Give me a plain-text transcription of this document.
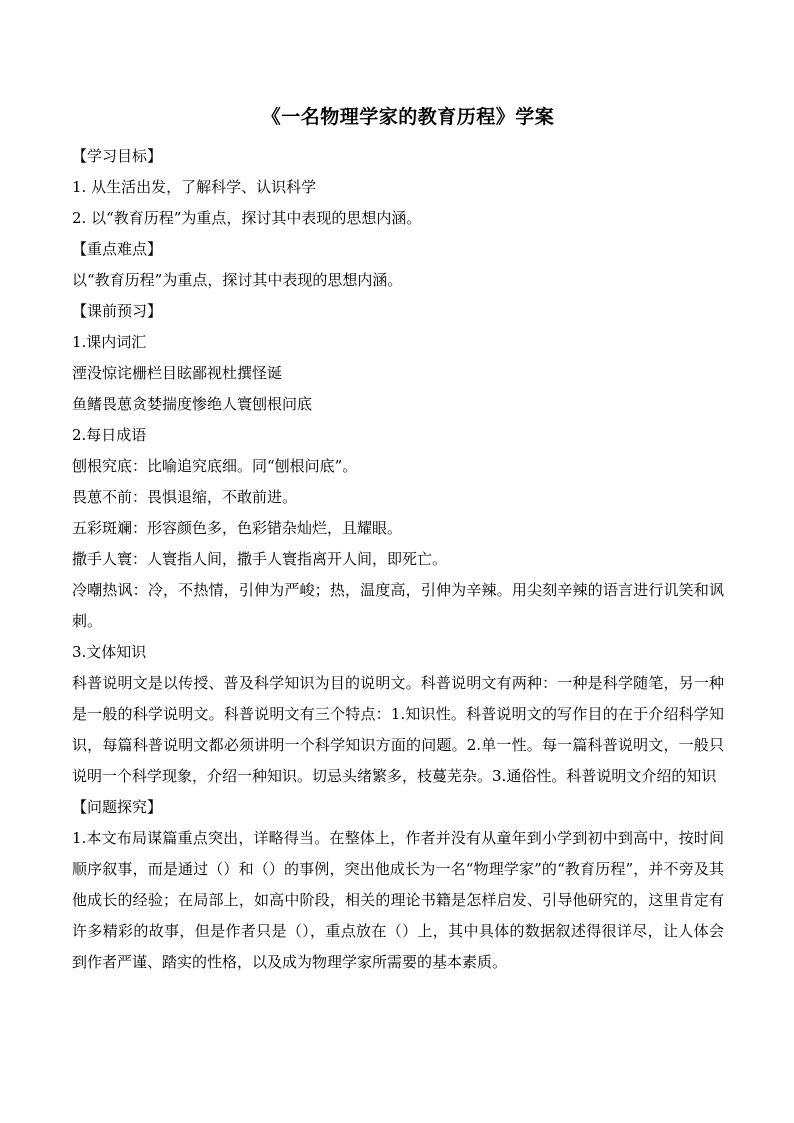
《一名物理学家的教育历程》学案

【学习目标】

1. 从生活出发，了解科学、认识科学

2. 以“教育历程”为重点，探讨其中表现的思想内涵。

【重点难点】

以“教育历程”为重点，探讨其中表现的思想内涵。

【课前预习】

1.课内词汇

湮没惊诧栅栏目眩鄙视杜撰怪诞

鱼鳍畏葸贪婪揣度惨绝人寰刨根问底

2.每日成语

刨根究底：比喻追究底细。同“刨根问底”。

畏葸不前：畏惧退缩，不敢前进。

五彩斑斓：形容颜色多，色彩错杂灿烂，且耀眼。

撒手人寰：人寰指人间，撒手人寰指离开人间，即死亡。

冷嘲热讽：冷，不热情，引伸为严峻；热，温度高，引伸为辛辣。用尖刻辛辣的语言进行讥笑和讽刺。

3.文体知识

科普说明文是以传授、普及科学知识为目的说明文。科普说明文有两种：一种是科学随笔，另一种是一般的科学说明文。科普说明文有三个特点：1.知识性。科普说明文的写作目的在于介绍科学知识，每篇科普说明文都必须讲明一个科学知识方面的问题。2.单一性。每一篇科普说明文，一般只说明一个科学现象，介绍一种知识。切忌头绪繁多，枝蔓芜杂。3.通俗性。科普说明文介绍的知识

【问题探究】

1.本文布局谋篇重点突出，详略得当。在整体上，作者并没有从童年到小学到初中到高中，按时间顺序叙事，而是通过（）和（）的事例，突出他成长为一名“物理学家”的“教育历程”，并不旁及其他成长的经验；在局部上，如高中阶段，相关的理论书籍是怎样启发、引导他研究的，这里肯定有许多精彩的故事，但是作者只是（），重点放在（）上，其中具体的数据叙述得很详尽，让人体会到作者严谨、踏实的性格，以及成为物理学家所需要的基本素质。
